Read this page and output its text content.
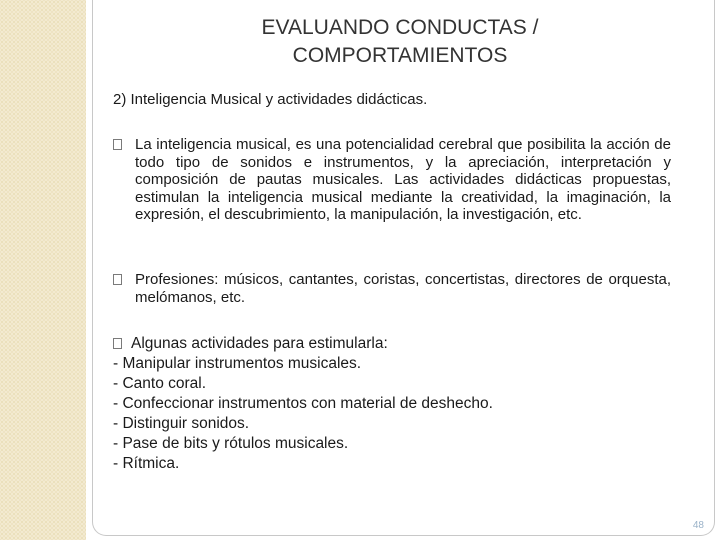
EVALUANDO CONDUCTAS /
COMPORTAMIENTOS
2) Inteligencia Musical y actividades didácticas.
La inteligencia musical, es una potencialidad cerebral que posibilita la acción de todo tipo de sonidos e instrumentos, y la apreciación, interpretación y composición de pautas musicales. Las actividades didácticas propuestas, estimulan la inteligencia musical mediante la creatividad, la imaginación, la expresión, el descubrimiento, la manipulación, la investigación, etc.
Profesiones: músicos, cantantes, coristas, concertistas, directores de orquesta, melómanos, etc.
Algunas actividades para estimularla:
- Manipular instrumentos musicales.
- Canto coral.
- Confeccionar instrumentos con material de deshecho.
- Distinguir sonidos.
- Pase de bits y rótulos musicales.
- Rítmica.
48
